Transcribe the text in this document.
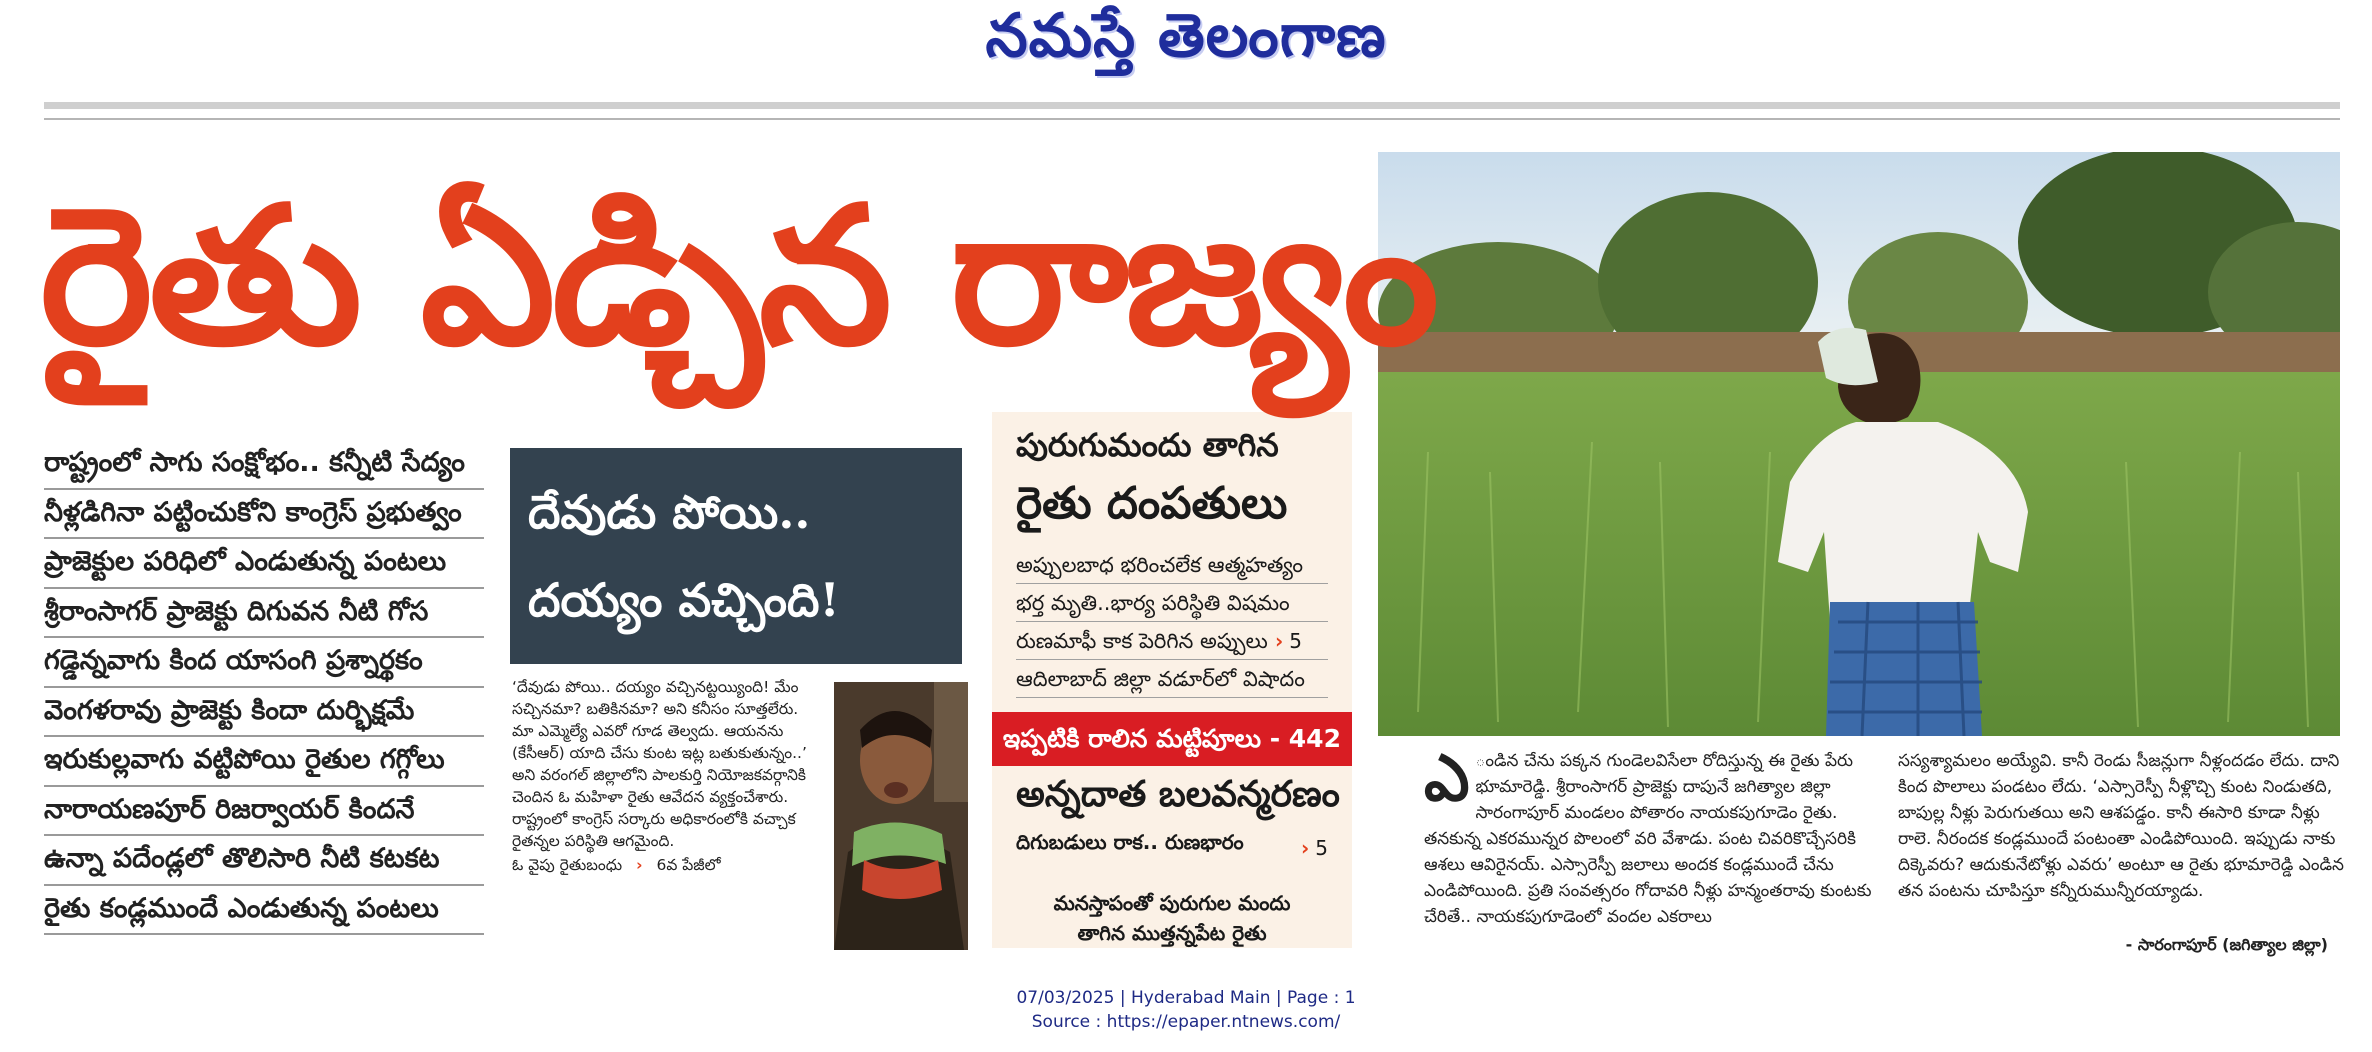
నమస్తే తెలంగాణ
రైతు ఏడ్చిన రాజ్యం
• రాష్ట్రంలో సాగు సంక్షోభం.. కన్నీటి సేద్యం
• నీళ్లడిగినా పట్టించుకోని కాంగ్రెస్ ప్రభుత్వం
• ప్రాజెక్టుల పరిధిలో ఎండుతున్న పంటలు
• శ్రీరాంసాగర్ ప్రాజెక్టు దిగువన నీటి గోస
• గడ్డెన్నవాగు కింద యాసంగి ప్రశ్నార్థకం
• వెంగళరావు ప్రాజెక్టు కిందా దుర్భిక్షమే
• ఇరుకుల్లవాగు వట్టిపోయి రైతుల గగ్గోలు
• నారాయణపూర్ రిజర్వాయర్ కిందనే
• ఉన్నా పదేండ్లలో తొలిసారి నీటి కటకట
• రైతు కండ్లముందే ఎండుతున్న పంటలు
దేవుడు పోయి..
దయ్యం వచ్చింది!

‘దేవుడు పోయి.. దయ్యం వచ్చినట్టయ్యింది! మేం సచ్చినమా? బతికినమా? అని కనీసం సూత్తలేరు. మా ఎమ్మెల్యే ఎవరో గూడ తెల్వదు. ఆయనను (కేసీఆర్) యాది చేసు కుంట ఇట్ల బతుకుతున్నం..’ అని వరంగల్ జిల్లాలోని పాలకుర్తి నియోజకవర్గానికి చెందిన ఓ మహిళా రైతు ఆవేదన వ్యక్తంచేశారు. రాష్ట్రంలో కాంగ్రెస్ సర్కారు అధికారంలోకి వచ్చాక రైతన్నల పరిస్థితి ఆగమైంది.

ఓ వైపు రైతుబంధు › 6వ పేజీలో
పురుగుమందు తాగిన
రైతు దంపతులు
అప్పులబాధ భరించలేక ఆత్మహత్యం
భర్త మృతి..భార్య పరిస్థితి విషమం
రుణమాఫీ కాక పెరిగిన అప్పులు › 5
ఆదిలాబాద్ జిల్లా వడూర్‌లో విషాదం
ఇప్పటికి రాలిన మట్టిపూలు - 442
అన్నదాత బలవన్మరణం
దిగుబడులు రాక.. రుణభారం	› 5
మనస్తాపంతో పురుగుల మందు
తాగిన ముత్తన్నపేట రైతు
ఎ ండిన చేను పక్కన గుండెలవిసేలా రోదిస్తున్న ఈ రైతు పేరు భూమారెడ్డి. శ్రీరాంసాగర్ ప్రాజెక్టు దాపునే జగిత్యాల జిల్లా సారంగాపూర్ మండలం పోతారం నాయకపుగూడెం రైతు. తనకున్న ఎకరమున్నర పొలంలో వరి వేశాడు. పంట చివరికొచ్చేసరికి ఆశలు ఆవిరైనయ్. ఎస్సారెస్పీ జలాలు అందక కండ్లముందే చేను ఎండిపోయింది. ప్రతి సంవత్సరం గోదావరి నీళ్లు హన్మంతరావు కుంటకు చేరితే.. నాయకపుగూడెంలో వందల ఎకరాలు

సస్యశ్యామలం అయ్యేవి. కానీ రెండు సీజన్లుగా నీళ్లందడం లేదు. దాని కింద పొలాలు పండటం లేదు. ‘ఎస్సారెస్పీ నీళ్లొచ్చి కుంట నిండుతది, బాపుల్ల నీళ్లు పెరుగుతయి అని ఆశపడ్డం. కానీ ఈసారి కూడా నీళ్లు రాలె. నీరందక కండ్లముందే పంటంతా ఎండిపోయింది. ఇప్పుడు నాకు దిక్కెవరు? ఆదుకునేటోళ్లు ఎవరు’ అంటూ ఆ రైతు భూమారెడ్డి ఎండిన తన పంటను చూపిస్తూ కన్నీరుమున్నీరయ్యాడు.

- సారంగాపూర్ (జగిత్యాల జిల్లా)
07/03/2025 | Hyderabad Main | Page : 1
Source : https://epaper.ntnews.com/
